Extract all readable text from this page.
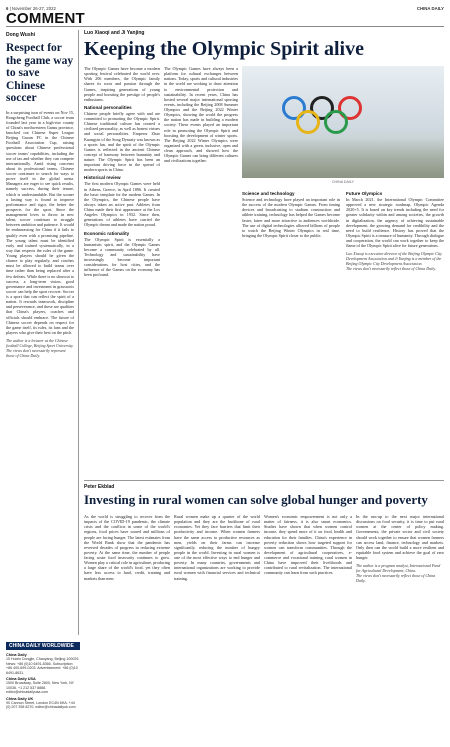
6 | November 26-27, 2022	CHINA DAILY
COMMENT
Dong Wushi
Respect for the game way to save Chinese soccer
In a surprising turn of events on Nov 15, Rongcheng Football Club, a soccer team founded last year in a high-rise county of China's northwestern Gansu province, knocked out Chinese Super League Beijing Guoan FC in the Chinese Football Association Cup, raising questions about Chinese professional soccer teams' capabilities, including the use of tax and whether they can compete internationally. Amid rising concerns about its professional teams, Chinese soccer continues to search for ways to prove itself in the global arena. Managers are eager to see quick results, namely success, during their tenure, which is understandable. But the sooner a lasting way is found to improve performance and rigor, the better the prospects for the sport. Since the management loves to throw in new talent, soccer continues to struggle between ambition and patience. It would be embarrassing for China if it fails to qualify even with a promising pipeline. The young talent must be identified early and trained systematically, in a way that respects the rules of the game. Young players should be given the chance to play regularly, and coaches must be allowed to build teams over time rather than being replaced after a few defeats. While there is no shortcut to success, a long-term vision, good governance and investment in grassroots soccer can help the sport recover. Soccer is a sport that can reflect the spirit of a nation. It rewards teamwork, discipline and perseverance, and these are qualities that China's players, coaches and officials should embrace. The future of Chinese soccer depends on respect for the game itself, its rules, its fans and the players who give their best on the pitch.
The author is a lecturer at the Chinese football College, Beijing Sport University.
The views don't necessarily represent those of China Daily.
Luo Xiaoqi and Ji Yanjing
Keeping the Olympic Spirit alive
CHINA DAILY
The Olympic Games have become a modern sporting festival celebrated the world over. With 206 members, the Olympic family shares its roots and passion through the Games, inspiring generations of young people and boosting the prestige of people's enthusiasm.
National personalities
Chinese people briefly agree with and are committed to promoting the Olympic Spirit. Chinese traditional culture has created a civilized personality, as well as honest virtues and social personalities. Emperor Zhao Kuangyin of the Song Dynasty was known as a sports fan, and the spirit of the Olympic Games is reflected in the ancient Chinese concept of harmony between humanity and nature. The Olympic Spirit has been an important driving force in the spread of modern sports in China.
Historical review
The first modern Olympic Games were held in Athens, Greece, in April 1896. It created the basic template for the modern Games. In the Olympics, the Chinese people have always taken an active part. Athletes from China made their first appearance at the Los Angeles Olympics in 1932. Since then, generations of athletes have carried the Olympic dream and made the nation proud.
Economic rationality
The Olympic Spirit is essentially a humanistic spirit, and the Olympic Games become a community celebrated by all. Technology and sustainability have increasingly become important considerations for host cities, and the influence of the Games on the economy has been profound.
The Olympic Games have always been a platform for cultural exchanges between nations. Today, sports and cultural industries in the world are working to draw attention to environmental protection and sustainability. In recent years, China has hosted several major international sporting events, including the Beijing 2008 Summer Olympics and the Beijing 2022 Winter Olympics, showing the world the progress the nation has made in building a modern society. These events played an important role in promoting the Olympic Spirit and boosting the development of winter sports. The Beijing 2022 Winter Olympics were organized with a green, inclusive, open and clean approach, and showed how the Olympic Games can bring different cultures and civilizations together.
Science and technology
Science and technology have played an important role in the success of the modern Olympic Games. From timing devices and broadcasting to stadium construction and athlete training, technology has helped the Games become faster, fairer and more attractive to audiences worldwide. The use of digital technologies allowed billions of people to watch the Beijing Winter Olympics in real time, bringing the Olympic Spirit closer to the public.
Future Olympics
In March 2021, the International Olympic Committee approved a new strategic roadmap, Olympic Agenda 2020+5. It is based on key trends including the need for greater solidarity within and among societies, the growth in digitalization, the urgency of achieving sustainable development, the growing demand for credibility and the need to build resilience. History has proved that the Olympic Spirit is a treasure of humanity. Through dialogue and cooperation, the world can work together to keep the flame of the Olympic Spirit alive for future generations.
Luo Xiaoqi is executive director of the Beijing Olympic City Development Association and Ji Yanjing is a member of the Beijing Olympic City Development Association.
The views don't necessarily reflect those of China Daily.
Peter Ekblad
Investing in rural women can solve global hunger and poverty
As the world is struggling to recover from the impacts of the COVID-19 pandemic, the climate crisis and the conflicts in some of the world's regions, food prices have soared and millions of people are facing hunger. The latest estimates from the World Bank show that the pandemic has reversed decades of progress in reducing extreme poverty. At the same time, the number of people facing acute food insecurity continues to grow. Women play a critical role in agriculture, producing a large share of the world's food, yet they often have less access to land, credit, training and markets than men.
Rural women make up a quarter of the world population and they are the backbone of rural economies. Yet they face barriers that limit their productivity and income. When women farmers have the same access to productive resources as men, yields on their farms can increase significantly, reducing the number of hungry people in the world. Investing in rural women is one of the most effective ways to end hunger and poverty. In many countries, governments and international organizations are working to provide rural women with financial services and technical training.
Women's economic empowerment is not only a matter of fairness, it is also smart economics. Studies have shown that when women control income, they spend more of it on food, health and education for their families. China's experience in poverty reduction shows how targeted support for women can transform communities. Through the development of agricultural cooperatives, e-commerce and vocational training, rural women in China have improved their livelihoods and contributed to rural revitalization. The international community can learn from such practices.
In the run-up to the next major international discussions on food security, it is time to put rural women at the center of policy making. Governments, the private sector and civil society should work together to ensure that women farmers can access land, finance, technology and markets. Only then can the world build a more resilient and equitable food system and achieve the goal of zero hunger.
The author is a program analyst, International Fund for Agricultural Development, China.
The views don't necessarily reflect those of China Daily.
CHINA DAILY WORLDWIDE
China Daily
15 Huixin Dongjie, Chaoyang, Beijing 100029. News: +86 (0)10 6491-8366. Subscription: +86 400-699-0203. Advertisement: +86 (0)10 6491-8631.
China Daily USA
1500 Broadway, Suite 2800, New York, NY 10036. +1 212 537 8888. editor@chinadailyusa.com
China Daily UK
90 Cannon Street, London EC4N 6HA. +44 (0) 207 398 8270. editor@chinadailyuk.com
